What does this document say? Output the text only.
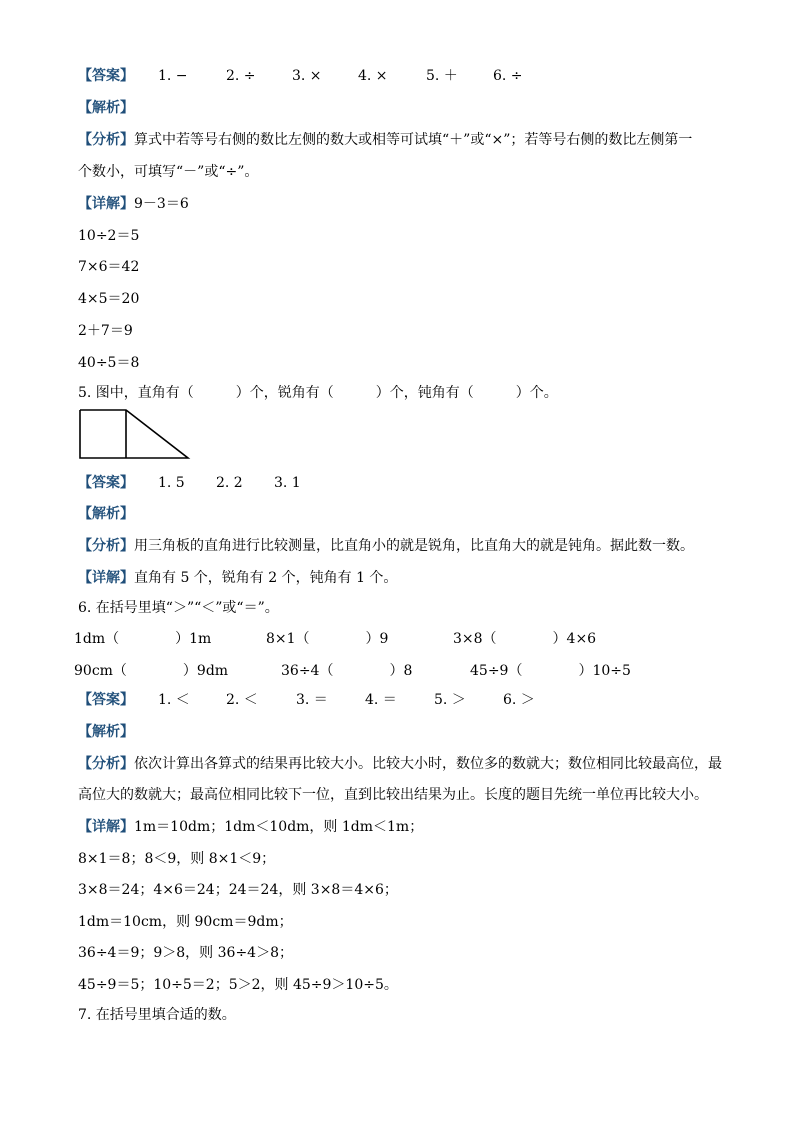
【答案】 1. −	2. ÷	3. ×	4. ×	5. ＋	6. ÷
【解析】
【分析】算式中若等号右侧的数比左侧的数大或相等可试填“＋”或“×”；若等号右侧的数比左侧第一
个数小，可填写“－”或“÷”。
【详解】9－3＝6
10÷2＝5
7×6＝42
4×5＝20
2＋7＝9
40÷5＝8
5. 图中，直角有（　　　）个，锐角有（　　　）个，钝角有（　　　）个。
【答案】 1. 5 2. 2 3. 1
【解析】
【分析】用三角板的直角进行比较测量，比直角小的就是锐角，比直角大的就是钝角。据此数一数。
【详解】直角有 5 个，锐角有 2 个，钝角有 1 个。
6. 在括号里填“＞”“＜”或“＝”。
1dm（　　　　）1m	8×1（　　　　）9	3×8（　　　　）4×6
90cm（　　　　）9dm	36÷4（　　　　）8	45÷9（　　　　）10÷5
【答案】 1. ＜	2. ＜	3. ＝	4. ＝	5. ＞	6. ＞
【解析】
【分析】依次计算出各算式的结果再比较大小。比较大小时，数位多的数就大；数位相同比较最高位，最
高位大的数就大；最高位相同比较下一位，直到比较出结果为止。长度的题目先统一单位再比较大小。
【详解】1m＝10dm；1dm＜10dm，则 1dm＜1m；
8×1＝8；8＜9，则 8×1＜9；
3×8＝24；4×6＝24；24＝24，则 3×8＝4×6；
1dm＝10cm，则 90cm＝9dm；
36÷4＝9；9＞8，则 36÷4＞8；
45÷9＝5；10÷5＝2；5＞2，则 45÷9＞10÷5。
7. 在括号里填合适的数。
